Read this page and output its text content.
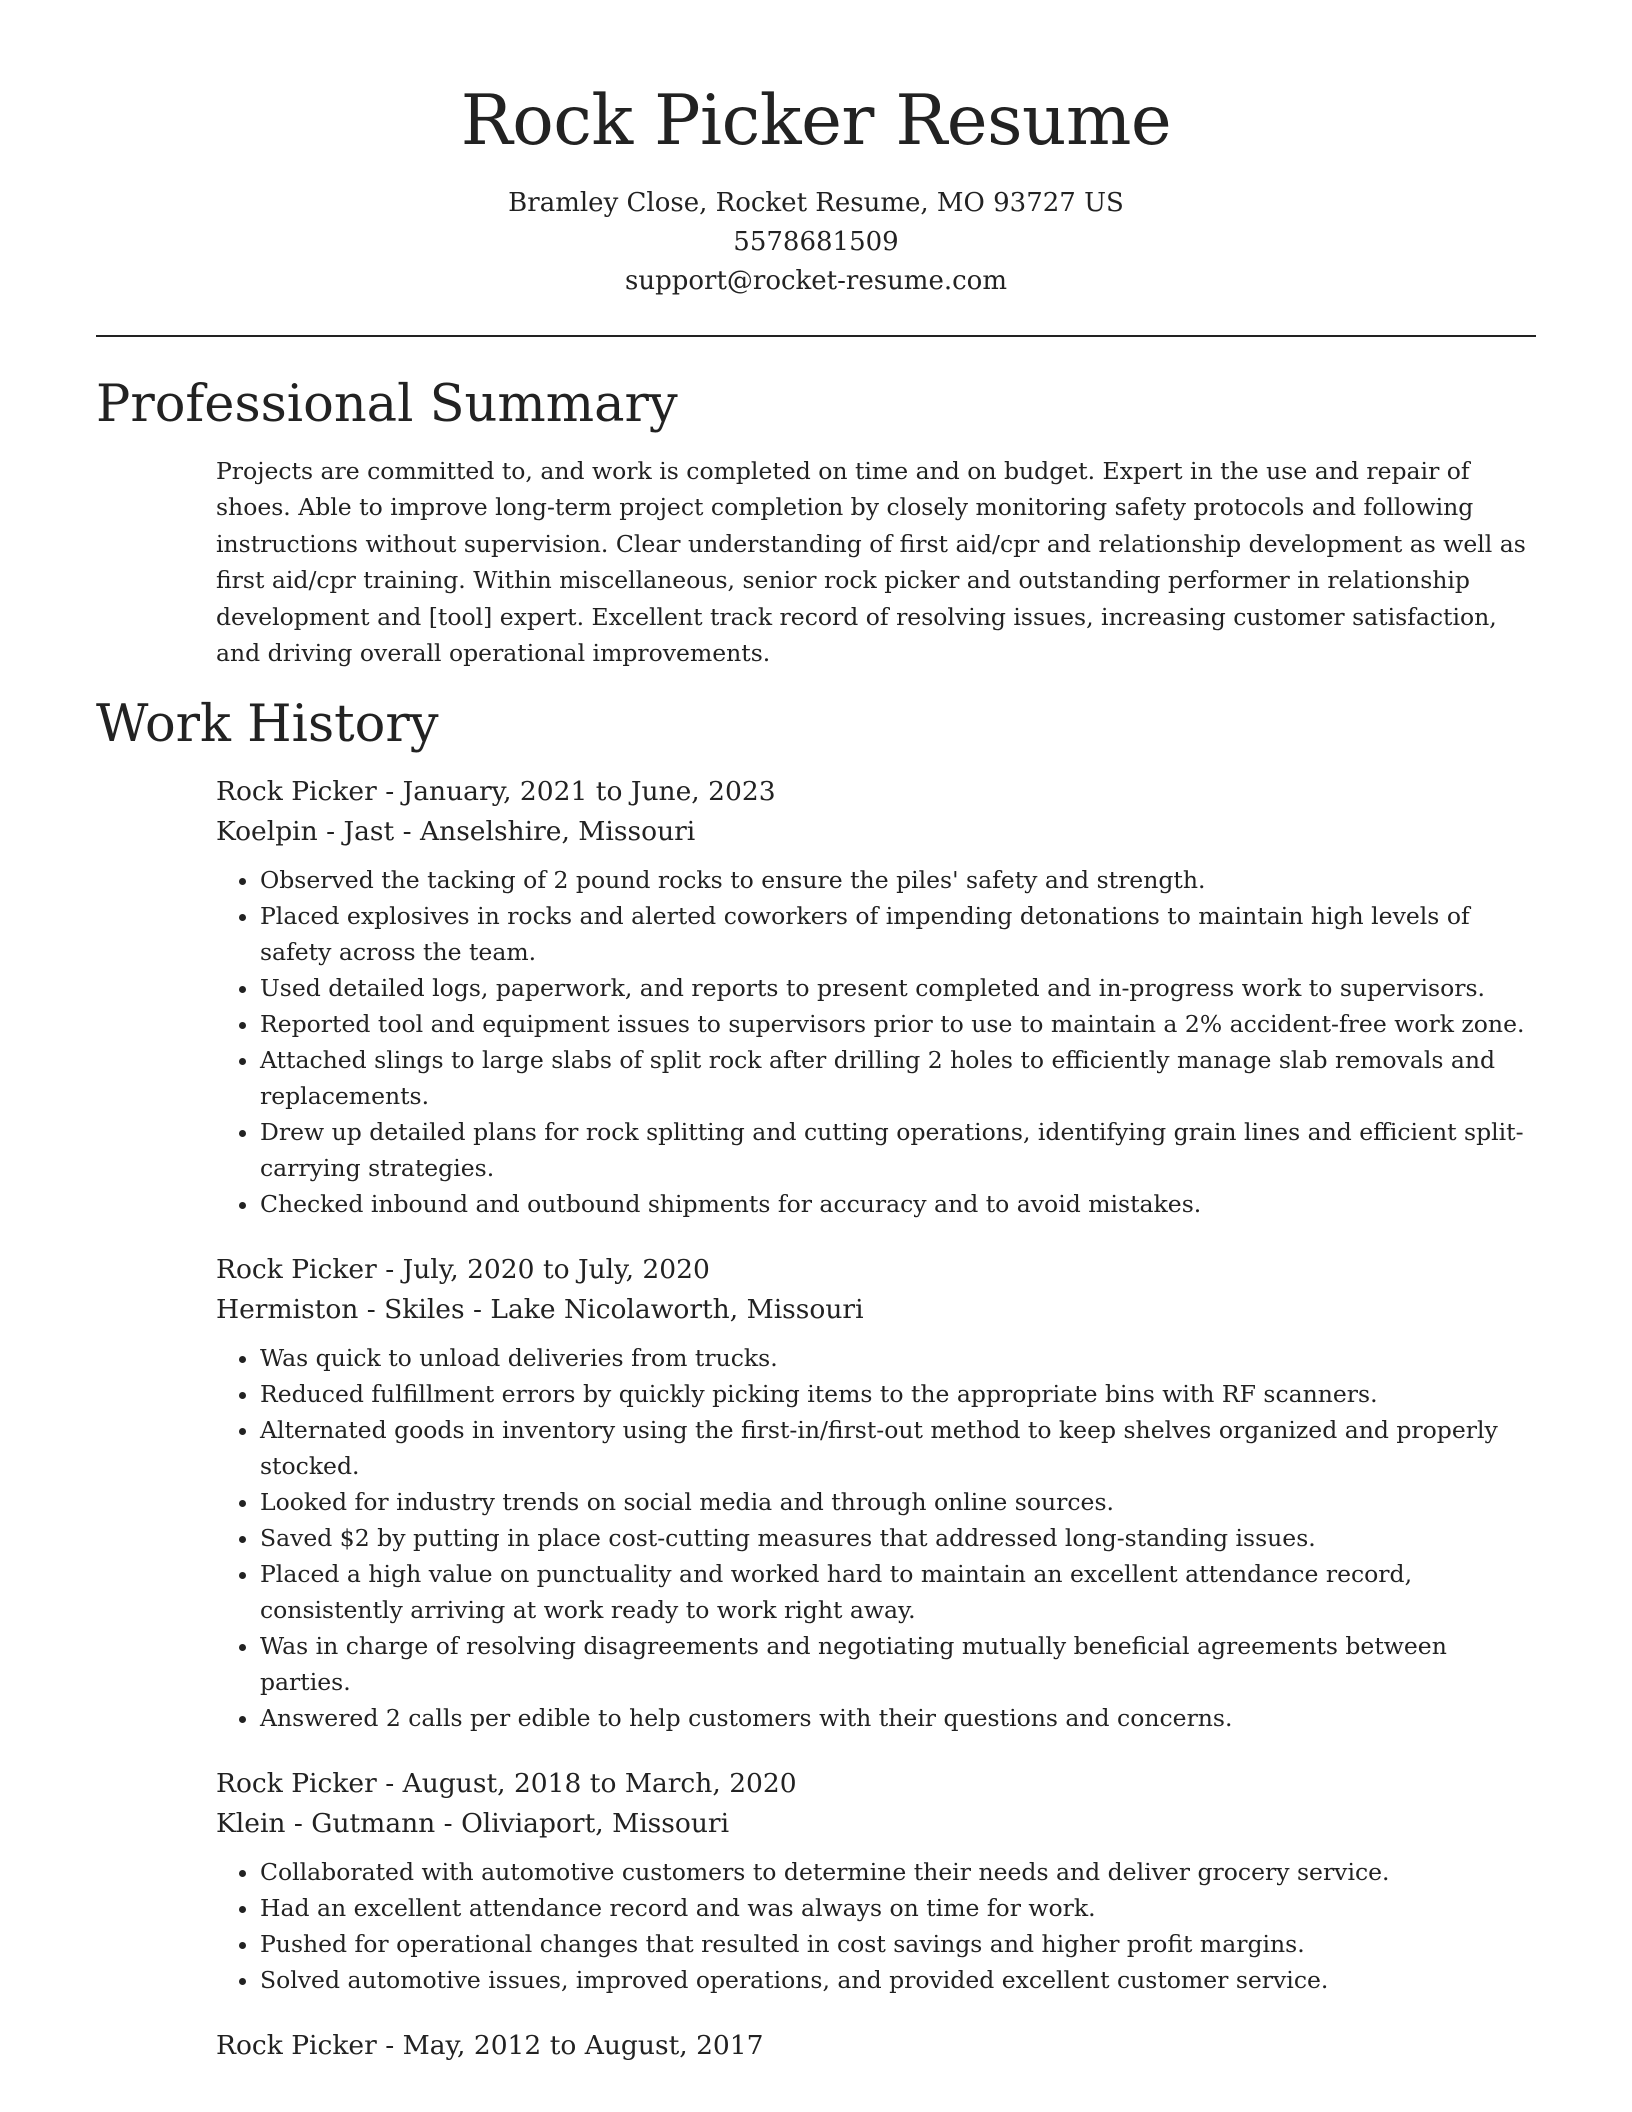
Rock Picker Resume
Bramley Close, Rocket Resume, MO 93727 US
5578681509
support@rocket-resume.com
Professional Summary

Projects are committed to, and work is completed on time and on budget. Expert in the use and repair of shoes. Able to improve long-term project completion by closely monitoring safety protocols and following instructions without supervision. Clear understanding of first aid/cpr and relationship development as well as first aid/cpr training. Within miscellaneous, senior rock picker and outstanding performer in relationship development and [tool] expert. Excellent track record of resolving issues, increasing customer satisfaction, and driving overall operational improvements.

Work History
Rock Picker - January, 2021 to June, 2023
Koelpin - Jast - Anselshire, Missouri
• Observed the tacking of 2 pound rocks to ensure the piles' safety and strength.
• Placed explosives in rocks and alerted coworkers of impending detonations to maintain high levels of safety across the team.
• Used detailed logs, paperwork, and reports to present completed and in-progress work to supervisors.
• Reported tool and equipment issues to supervisors prior to use to maintain a 2% accident-free work zone.
• Attached slings to large slabs of split rock after drilling 2 holes to efficiently manage slab removals and replacements.
• Drew up detailed plans for rock splitting and cutting operations, identifying grain lines and efficient split-carrying strategies.
• Checked inbound and outbound shipments for accuracy and to avoid mistakes.
Rock Picker - July, 2020 to July, 2020
Hermiston - Skiles - Lake Nicolaworth, Missouri
• Was quick to unload deliveries from trucks.
• Reduced fulfillment errors by quickly picking items to the appropriate bins with RF scanners.
• Alternated goods in inventory using the first-in/first-out method to keep shelves organized and properly stocked.
• Looked for industry trends on social media and through online sources.
• Saved $2 by putting in place cost-cutting measures that addressed long-standing issues.
• Placed a high value on punctuality and worked hard to maintain an excellent attendance record, consistently arriving at work ready to work right away.
• Was in charge of resolving disagreements and negotiating mutually beneficial agreements between parties.
• Answered 2 calls per edible to help customers with their questions and concerns.
Rock Picker - August, 2018 to March, 2020
Klein - Gutmann - Oliviaport, Missouri
• Collaborated with automotive customers to determine their needs and deliver grocery service.
• Had an excellent attendance record and was always on time for work.
• Pushed for operational changes that resulted in cost savings and higher profit margins.
• Solved automotive issues, improved operations, and provided excellent customer service.
Rock Picker - May, 2012 to August, 2017
